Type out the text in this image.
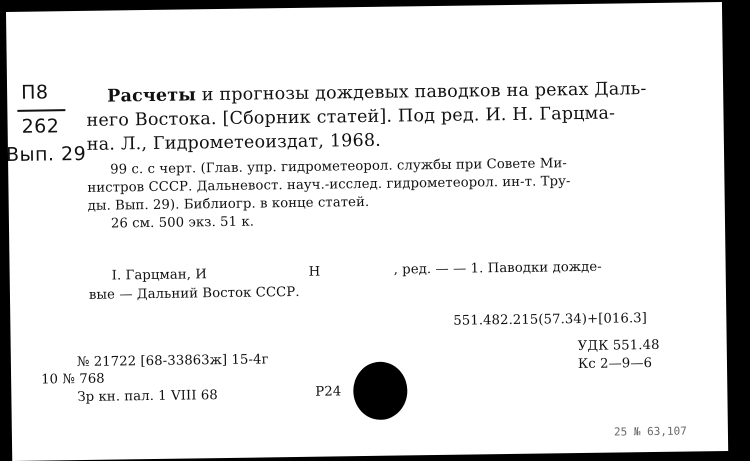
П8
262
Вып. 29
Расчеты и прогнозы дождевых паводков на реках Даль-
него Востока. [Сборник статей]. Под ред. И. Н. Гарцма-
на. Л., Гидрометеоиздат, 1968.
99 с. с черт. (Глав. упр. гидрометеорол. службы при Совете Ми-
нистров СССР. Дальневост. науч.-исслед. гидрометеорол. ин-т. Тру-
ды. Вып. 29). Библиогр. в конце статей.
26 см. 500 экз. 51 к.
I. Гарцман, И	Н	, ред. — — 1. Паводки дожде-
вые — Дальний Восток СССР.
551.482.215(57.34)+[016.3]
№ 21722 [68-33863ж] 15-4г
10 № 768
Зр кн. пал. 1 VIII 68	Р24
УДК 551.48
Кс 2—9—6
25 № 63,107
